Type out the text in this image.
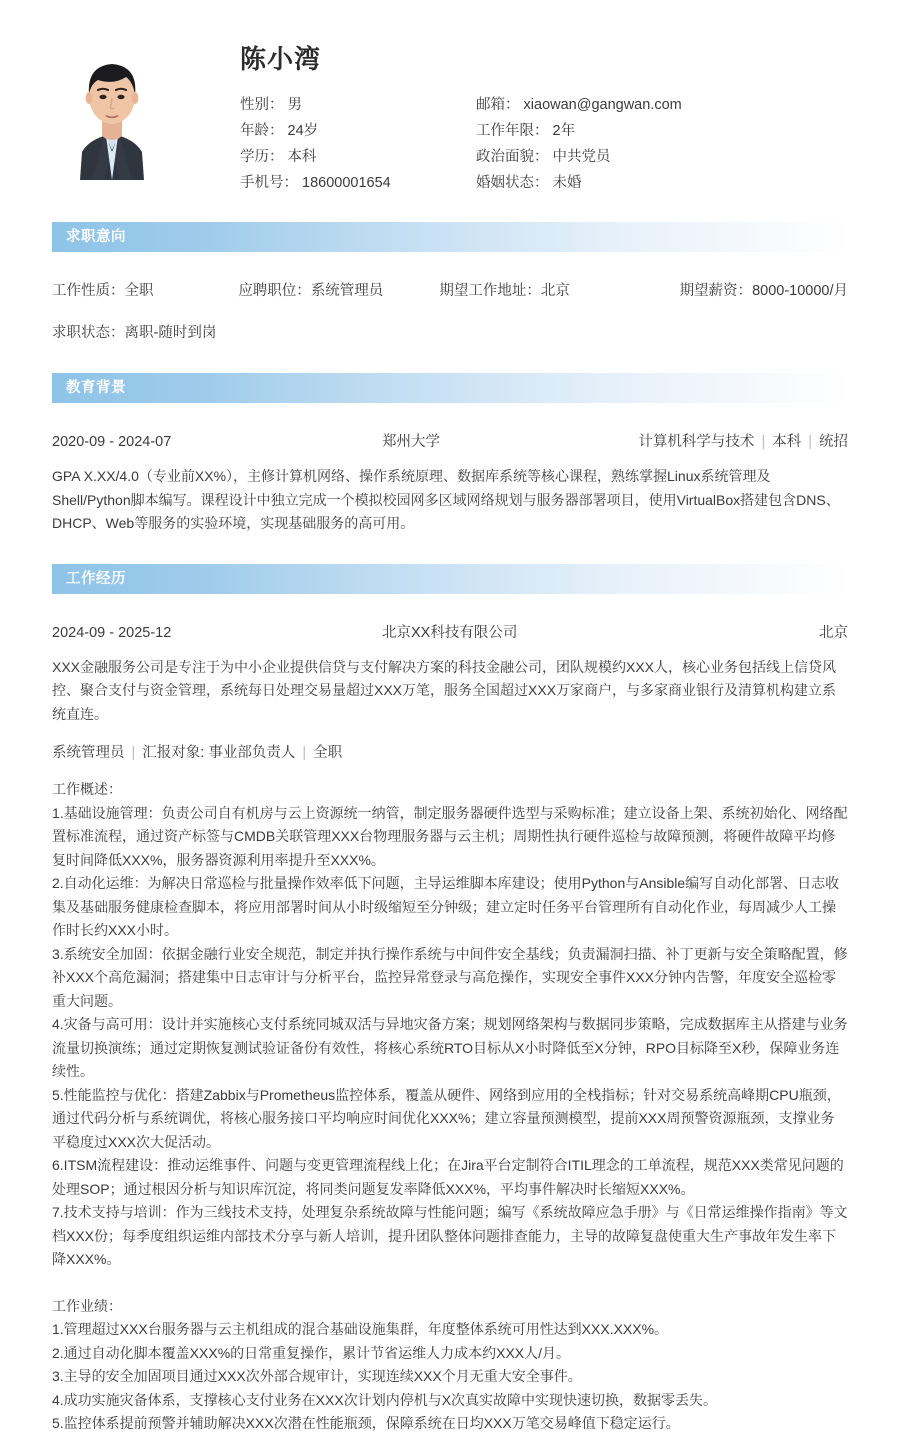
陈小湾
性别： 男
年龄： 24岁
学历： 本科
手机号： 18600001654
邮箱： xiaowan@gangwan.com
工作年限： 2年
政治面貌： 中共党员
婚姻状态： 未婚
求职意向
工作性质：全职	应聘职位：系统管理员	期望工作地址：北京	期望薪资：8000-10000/月
求职状态：离职-随时到岗
教育背景
2020-09 - 2024-07	郑州大学	计算机科学与技术 | 本科 | 统招
GPA X.XX/4.0（专业前XX%），主修计算机网络、操作系统原理、数据库系统等核心课程，熟练掌握Linux系统管理及Shell/Python脚本编写。课程设计中独立完成一个模拟校园网多区域网络规划与服务器部署项目，使用VirtualBox搭建包含DNS、DHCP、Web等服务的实验环境，实现基础服务的高可用。
工作经历
2024-09 - 2025-12	北京XX科技有限公司	北京
XXX金融服务公司是专注于为中小企业提供信贷与支付解决方案的科技金融公司，团队规模约XXX人，核心业务包括线上信贷风控、聚合支付与资金管理，系统每日处理交易量超过XXX万笔，服务全国超过XXX万家商户，与多家商业银行及清算机构建立系统直连。
系统管理员 | 汇报对象: 事业部负责人 | 全职
工作概述：
1.基础设施管理：负责公司自有机房与云上资源统一纳管，制定服务器硬件选型与采购标准；建立设备上架、系统初始化、网络配置标准流程，通过资产标签与CMDB关联管理XXX台物理服务器与云主机；周期性执行硬件巡检与故障预测，将硬件故障平均修复时间降低XXX%，服务器资源利用率提升至XXX%。
2.自动化运维：为解决日常巡检与批量操作效率低下问题，主导运维脚本库建设；使用Python与Ansible编写自动化部署、日志收集及基础服务健康检查脚本，将应用部署时间从小时级缩短至分钟级；建立定时任务平台管理所有自动化作业，每周减少人工操作时长约XXX小时。
3.系统安全加固：依据金融行业安全规范，制定并执行操作系统与中间件安全基线；负责漏洞扫描、补丁更新与安全策略配置，修补XXX个高危漏洞；搭建集中日志审计与分析平台，监控异常登录与高危操作，实现安全事件XXX分钟内告警，年度安全巡检零重大问题。
4.灾备与高可用：设计并实施核心支付系统同城双活与异地灾备方案；规划网络架构与数据同步策略，完成数据库主从搭建与业务流量切换演练；通过定期恢复测试验证备份有效性，将核心系统RTO目标从X小时降低至X分钟，RPO目标降至X秒，保障业务连续性。
5.性能监控与优化：搭建Zabbix与Prometheus监控体系，覆盖从硬件、网络到应用的全栈指标；针对交易系统高峰期CPU瓶颈，通过代码分析与系统调优，将核心服务接口平均响应时间优化XXX%；建立容量预测模型，提前XXX周预警资源瓶颈，支撑业务平稳度过XXX次大促活动。
6.ITSM流程建设：推动运维事件、问题与变更管理流程线上化；在Jira平台定制符合ITIL理念的工单流程，规范XXX类常见问题的处理SOP；通过根因分析与知识库沉淀，将同类问题复发率降低XXX%，平均事件解决时长缩短XXX%。
7.技术支持与培训：作为三线技术支持，处理复杂系统故障与性能问题；编写《系统故障应急手册》与《日常运维操作指南》等文档XXX份；每季度组织运维内部技术分享与新人培训，提升团队整体问题排查能力，主导的故障复盘使重大生产事故年发生率下降XXX%。
工作业绩：
1.管理超过XXX台服务器与云主机组成的混合基础设施集群，年度整体系统可用性达到XXX.XXX%。
2.通过自动化脚本覆盖XXX%的日常重复操作，累计节省运维人力成本约XXX人/月。
3.主导的安全加固项目通过XXX次外部合规审计，实现连续XXX个月无重大安全事件。
4.成功实施灾备体系，支撑核心支付业务在XXX次计划内停机与X次真实故障中实现快速切换，数据零丢失。
5.监控体系提前预警并辅助解决XXX次潜在性能瓶颈，保障系统在日均XXX万笔交易峰值下稳定运行。
